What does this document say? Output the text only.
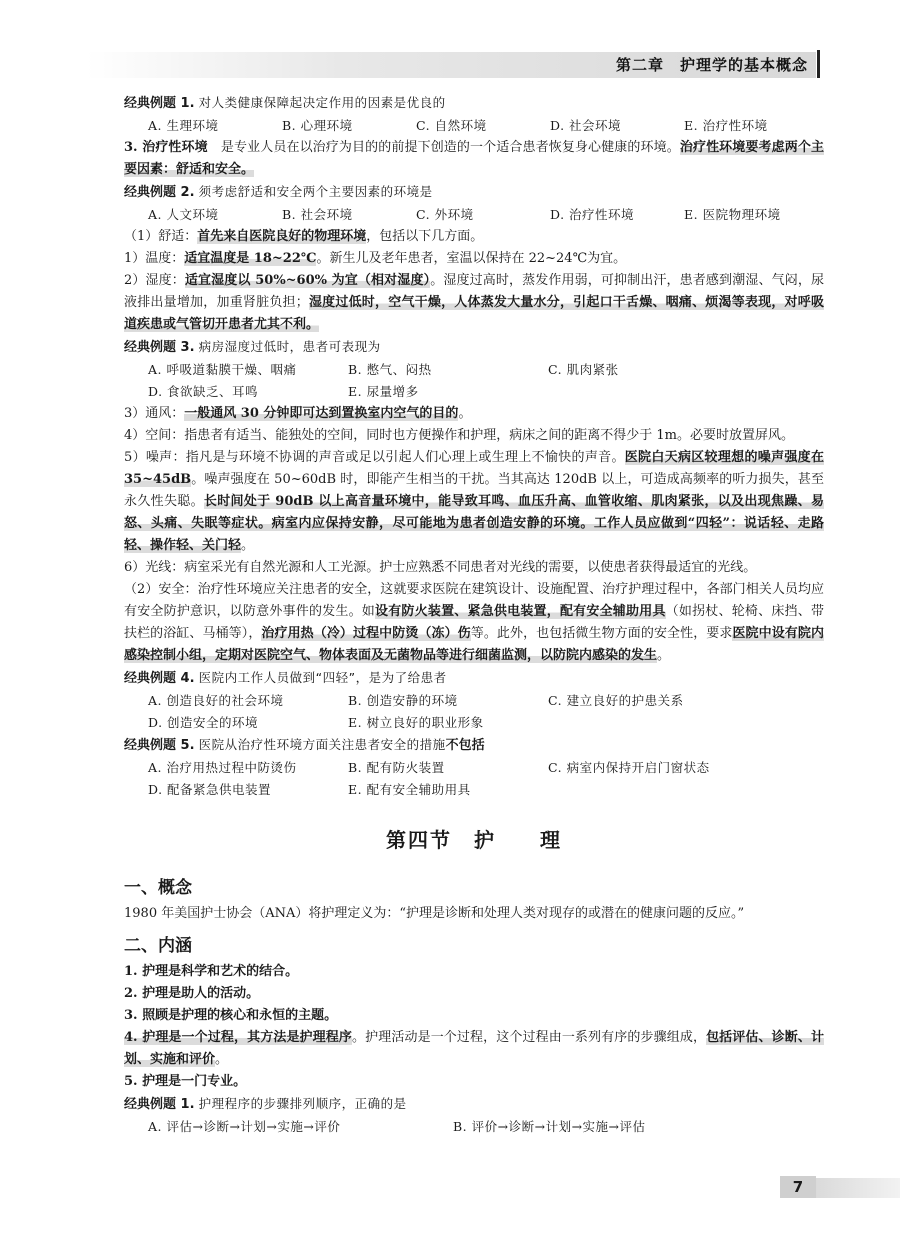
第二章　护理学的基本概念
经典例题 1. 对人类健康保障起决定作用的因素是优良的
A. 生理环境	B. 心理环境	C. 自然环境	D. 社会环境	E. 治疗性环境
3. 治疗性环境　是专业人员在以治疗为目的的前提下创造的一个适合患者恢复身心健康的环境。治疗性环境要考虑两个主要因素：舒适和安全。
经典例题 2. 须考虑舒适和安全两个主要因素的环境是
A. 人文环境	B. 社会环境	C. 外环境	D. 治疗性环境	E. 医院物理环境
（1）舒适：首先来自医院良好的物理环境，包括以下几方面。
1）温度：适宜温度是 18~22℃。新生儿及老年患者，室温以保持在 22~24℃为宜。
2）湿度：适宜湿度以 50%~60% 为宜（相对湿度）。湿度过高时，蒸发作用弱，可抑制出汗，患者感到潮湿、气闷，尿液排出量增加，加重肾脏负担；湿度过低时，空气干燥，人体蒸发大量水分，引起口干舌燥、咽痛、烦渴等表现，对呼吸道疾患或气管切开患者尤其不利。
经典例题 3. 病房湿度过低时，患者可表现为
A. 呼吸道黏膜干燥、咽痛	B. 憋气、闷热	C. 肌肉紧张
D. 食欲缺乏、耳鸣	E. 尿量增多
3）通风：一般通风 30 分钟即可达到置换室内空气的目的。
4）空间：指患者有适当、能独处的空间，同时也方便操作和护理，病床之间的距离不得少于 1m。必要时放置屏风。
5）噪声：指凡是与环境不协调的声音或足以引起人们心理上或生理上不愉快的声音。医院白天病区较理想的噪声强度在 35~45dB。噪声强度在 50~60dB 时，即能产生相当的干扰。当其高达 120dB 以上，可造成高频率的听力损失，甚至永久性失聪。长时间处于 90dB 以上高音量环境中，能导致耳鸣、血压升高、血管收缩、肌肉紧张，以及出现焦躁、易怒、头痛、失眠等症状。病室内应保持安静，尽可能地为患者创造安静的环境。工作人员应做到“四轻”：说话轻、走路轻、操作轻、关门轻。
6）光线：病室采光有自然光源和人工光源。护士应熟悉不同患者对光线的需要，以使患者获得最适宜的光线。
（2）安全：治疗性环境应关注患者的安全，这就要求医院在建筑设计、设施配置、治疗护理过程中，各部门相关人员均应有安全防护意识，以防意外事件的发生。如设有防火装置、紧急供电装置，配有安全辅助用具（如拐杖、轮椅、床挡、带扶栏的浴缸、马桶等），治疗用热（冷）过程中防烫（冻）伤等。此外，也包括微生物方面的安全性，要求医院中设有院内感染控制小组，定期对医院空气、物体表面及无菌物品等进行细菌监测，以防院内感染的发生。
经典例题 4. 医院内工作人员做到“四轻”，是为了给患者
A. 创造良好的社会环境	B. 创造安静的环境	C. 建立良好的护患关系
D. 创造安全的环境	E. 树立良好的职业形象
经典例题 5. 医院从治疗性环境方面关注患者安全的措施不包括
A. 治疗用热过程中防烫伤	B. 配有防火装置	C. 病室内保持开启门窗状态
D. 配备紧急供电装置	E. 配有安全辅助用具
第四节　护　　理
一、概念
1980 年美国护士协会（ANA）将护理定义为：“护理是诊断和处理人类对现存的或潜在的健康问题的反应。”
二、内涵
1. 护理是科学和艺术的结合。
2. 护理是助人的活动。
3. 照顾是护理的核心和永恒的主题。
4. 护理是一个过程，其方法是护理程序。护理活动是一个过程，这个过程由一系列有序的步骤组成，包括评估、诊断、计划、实施和评价。
5. 护理是一门专业。
经典例题 1. 护理程序的步骤排列顺序，正确的是
A. 评估→诊断→计划→实施→评价	B. 评价→诊断→计划→实施→评估
7
